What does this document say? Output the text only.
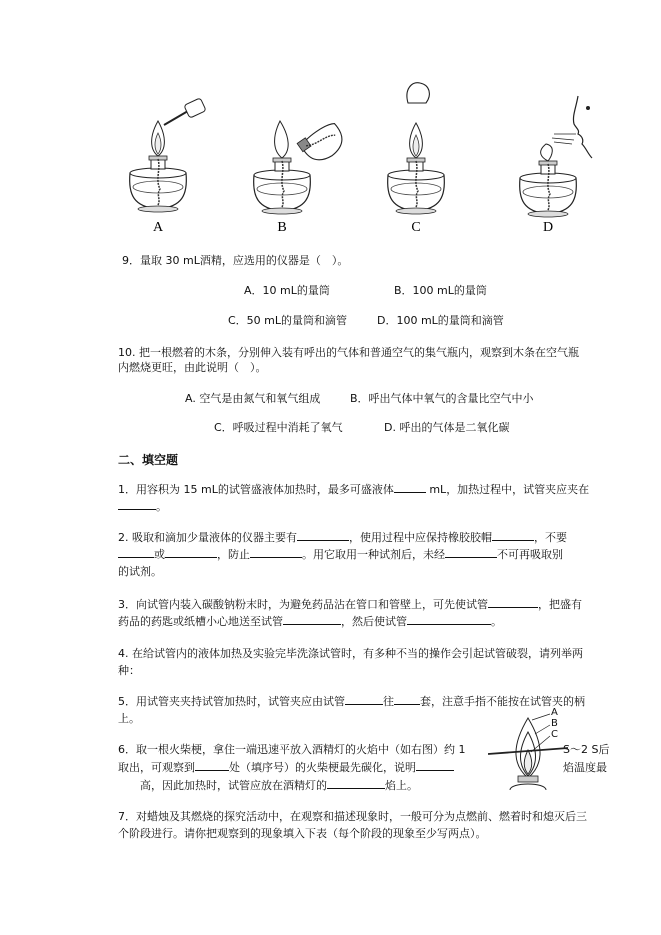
A	B	C	D
9．量取 30 mL酒精，应选用的仪器是（　）。
A．10 mL的量筒	B．100 mL的量筒
C．50 mL的量筒和滴管	D．100 mL的量筒和滴管
10. 把一根燃着的木条，分别伸入装有呼出的气体和普通空气的集气瓶内，观察到木条在空气瓶
内燃烧更旺，由此说明（　）。
A. 空气是由氮气和氧气组成	B．呼出气体中氧气的含量比空气中小
C．呼吸过程中消耗了氧气	D. 呼出的气体是二氧化碳
二、填空题
1．用容积为 15 mL的试管盛液体加热时，最多可盛液体	mL，加热过程中，试管夹应夹在
。
2. 吸取和滴加少量液体的仪器主要有	，使用过程中应保持橡胶胶帽	，不要
或	，防止	。用它取用一种试剂后，未经	不可再吸取别
的试剂。
3．向试管内装入碳酸钠粉末时，为避免药品沾在管口和管壁上，可先使试管	，把盛有
药品的药匙或纸槽小心地送至试管	，然后使试管	。
4. 在给试管内的液体加热及实验完毕洗涤试管时，有多种不当的操作会引起试管破裂，请列举两
种：
5．用试管夹夹持试管加热时，试管夹应由试管	往 套，注意手指不能按在试管夹的柄
上。
6．取一根火柴梗，拿住一端迅速平放入酒精灯的火焰中（如右图）约 1	S～2 S后
取出，可观察到	处（填序号）的火柴梗最先碳化，说明	焰温度最
高，因此加热时，试管应放在酒精灯的	焰上。
A
B
C
7．对蜡烛及其燃烧的探究活动中，在观察和描述现象时，一般可分为点燃前、燃着时和熄灭后三
个阶段进行。请你把观察到的现象填入下表（每个阶段的现象至少写两点）。
